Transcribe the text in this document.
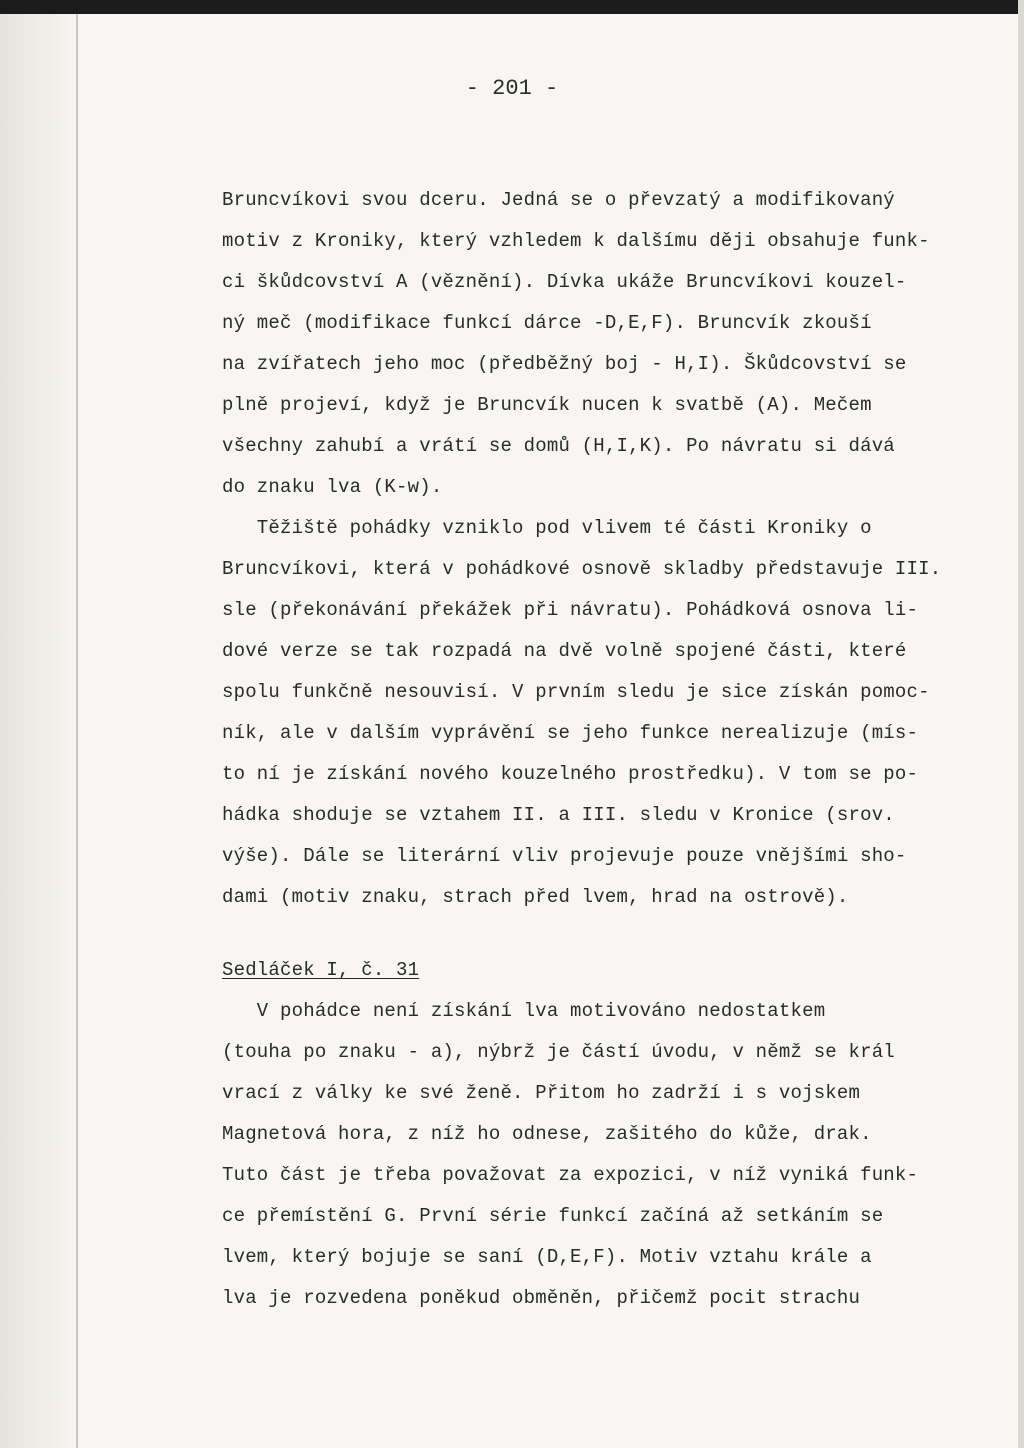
- 201 -
Bruncvíkovi svou dceru. Jedná se o převzatý a modifikovaný
motiv z Kroniky, který vzhledem k dalšímu ději obsahuje funk-
ci škůdcovství A (věznění). Dívka ukáže Bruncvíkovi kouzel-
ný meč (modifikace funkcí dárce -D,E,F). Bruncvík zkouší
na zvířatech jeho moc (předběžný boj - H,I). Škůdcovství se
plně projeví, když je Bruncvík nucen k svatbě (A). Mečem
všechny zahubí a vrátí se domů (H,I,K). Po návratu si dává
do znaku lva (K-w).
Těžiště pohádky vzniklo pod vlivem té části Kroniky o
Bruncvíkovi, která v pohádkové osnově skladby představuje III.
sle (překonávání překážek při návratu). Pohádková osnova li-
dové verze se tak rozpadá na dvě volně spojené části, které
spolu funkčně nesouvisí. V prvním sledu je sice získán pomoc-
ník, ale v dalším vyprávění se jeho funkce nerealizuje (mís-
to ní je získání nového kouzelného prostředku). V tom se po-
hádka shoduje se vztahem II. a III. sledu v Kronice (srov.
výše). Dále se literární vliv projevuje pouze vnějšími sho-
dami (motiv znaku, strach před lvem, hrad na ostrově).
Sedláček I, č. 31
V pohádce není získání lva motivováno nedostatkem
(touha po znaku - a), nýbrž je částí úvodu, v němž se král
vrací z války ke své ženě. Přitom ho zadrží i s vojskem
Magnetová hora, z níž ho odnese, zašitého do kůže, drak.
Tuto část je třeba považovat za expozici, v níž vyniká funk-
ce přemístění G. První série funkcí začíná až setkáním se
lvem, který bojuje se saní (D,E,F). Motiv vztahu krále a
lva je rozvedena poněkud obměněn, přičemž pocit strachu
